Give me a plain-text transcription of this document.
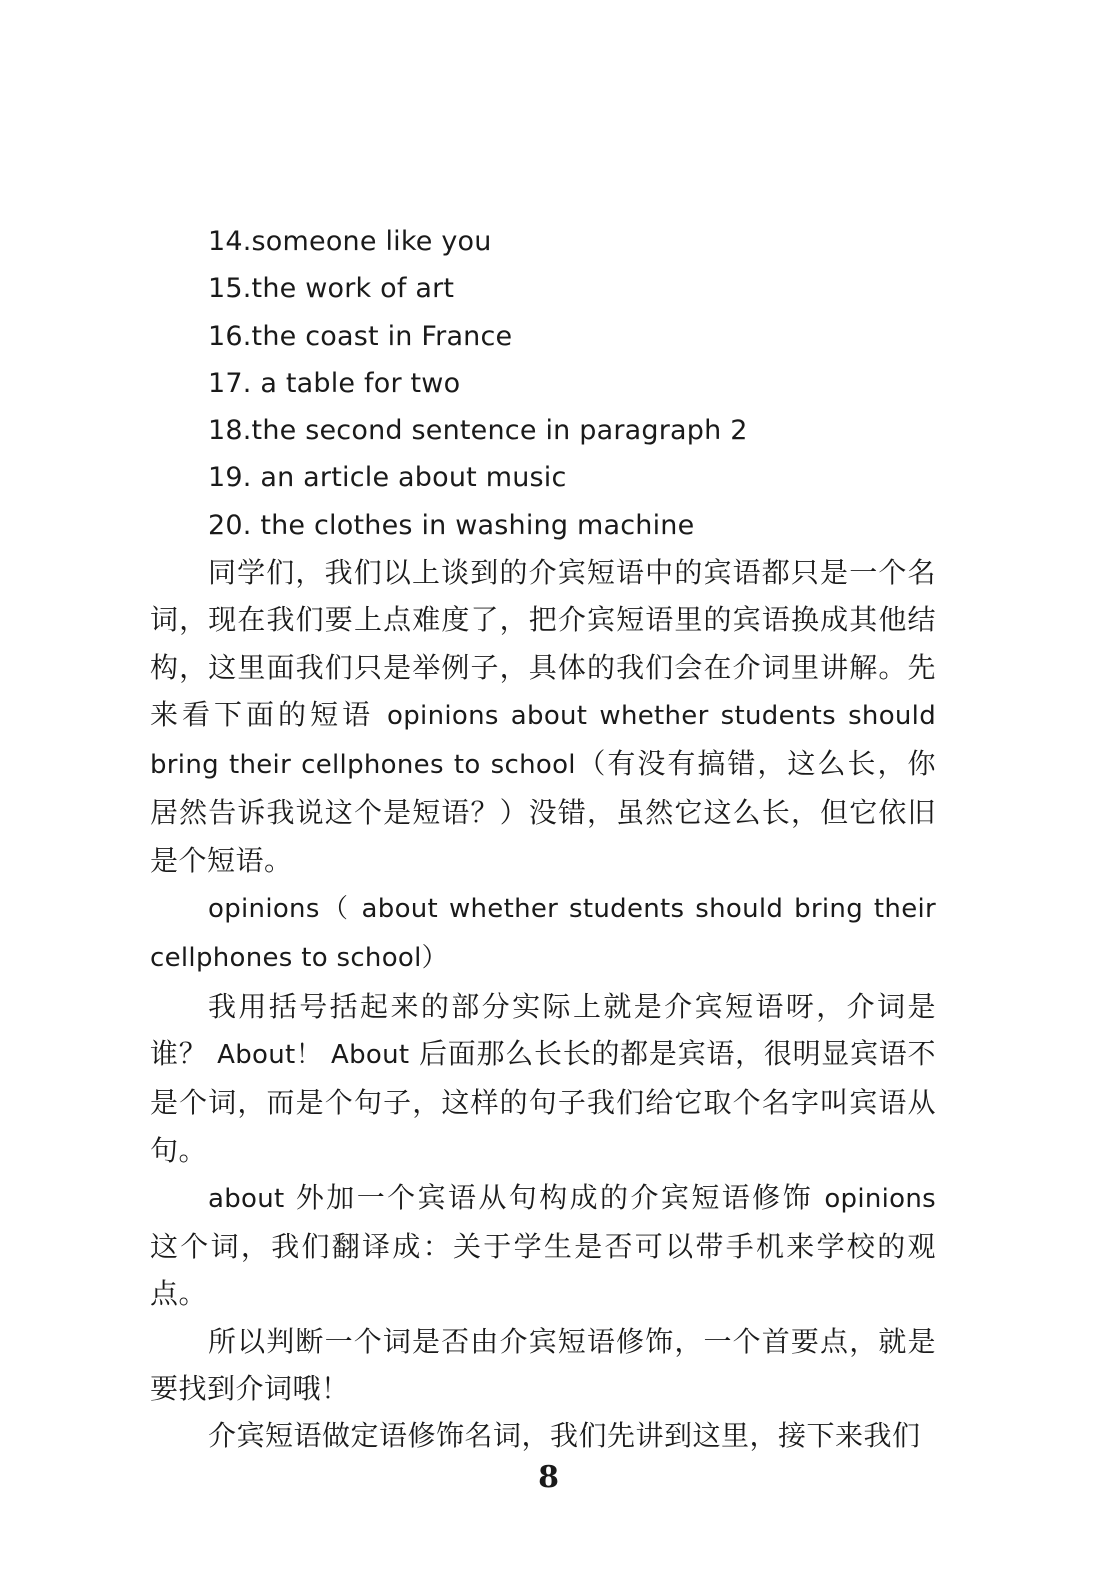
14.someone like you
15.the work of art
16.the coast in France
17. a table for two
18.the second sentence in paragraph 2
19. an article about music
20. the clothes in washing machine

同学们，我们以上谈到的介宾短语中的宾语都只是一个名词，现在我们要上点难度了，把介宾短语里的宾语换成其他结构，这里面我们只是举例子，具体的我们会在介词里讲解。先来看下面的短语 opinions about whether students should bring their cellphones to school（有没有搞错，这么长，你居然告诉我说这个是短语？）没错，虽然它这么长，但它依旧是个短语。

opinions（ about whether students should bring their cellphones to school）

我用括号括起来的部分实际上就是介宾短语呀，介词是谁？ About！ About 后面那么长长的都是宾语，很明显宾语不是个词，而是个句子，这样的句子我们给它取个名字叫宾语从句。

about 外加一个宾语从句构成的介宾短语修饰 opinions 这个词，我们翻译成：关于学生是否可以带手机来学校的观点。

所以判断一个词是否由介宾短语修饰，一个首要点，就是要找到介词哦！

介宾短语做定语修饰名词，我们先讲到这里，接下来我们

8
